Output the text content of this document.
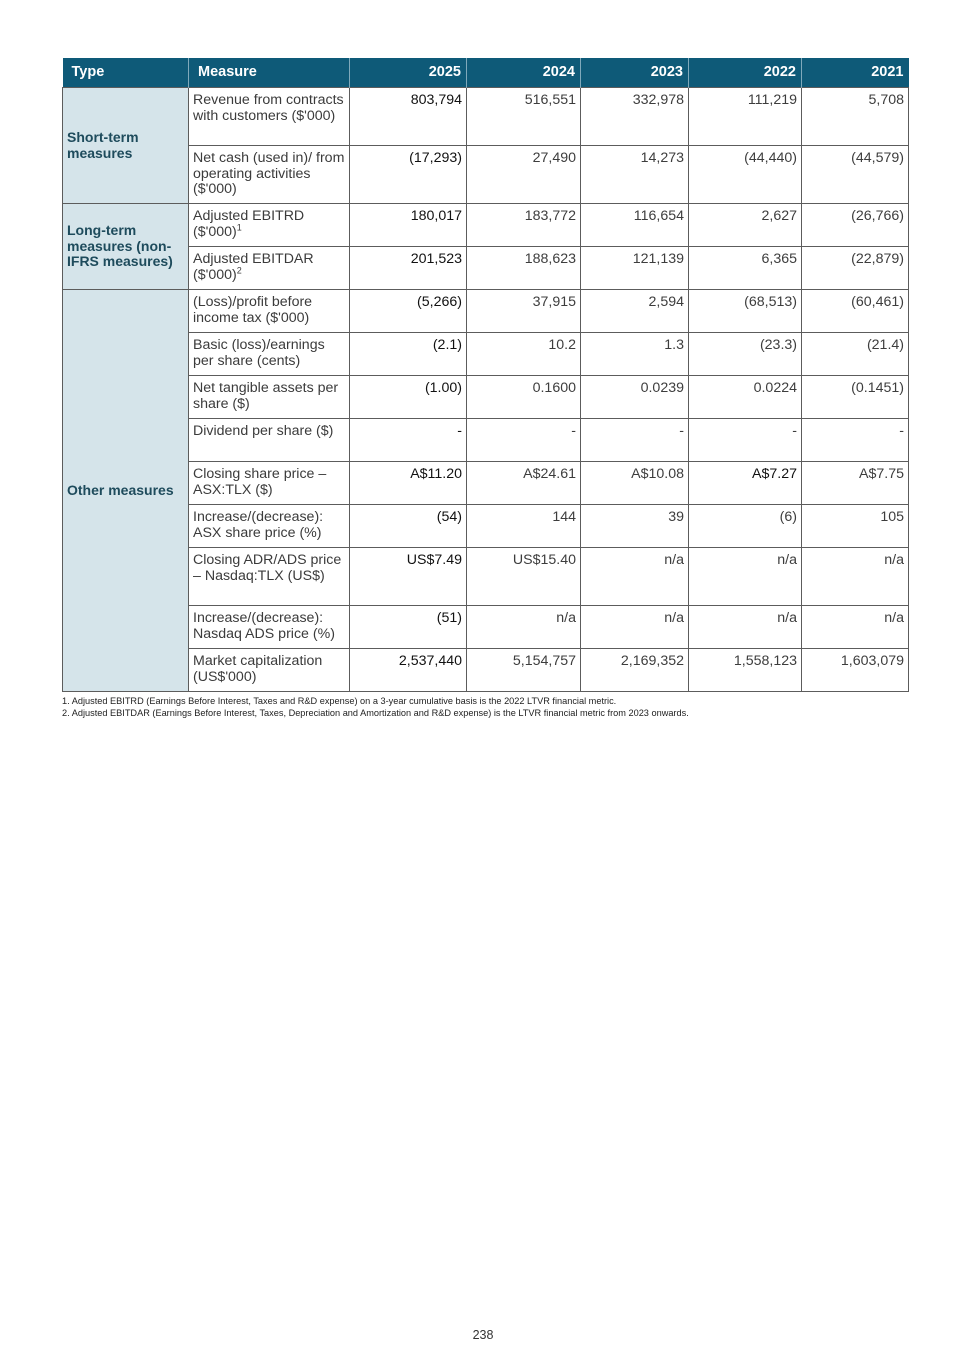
Type	Measure	2025	2024	2023	2022	2021
Short-term measures	Revenue from contracts with customers ($'000)	803,794	516,551	332,978	111,219	5,708
	Net cash (used in)/ from operating activities ($'000)	(17,293)	27,490	14,273	(44,440)	(44,579)
Long-term measures (non-IFRS measures)	Adjusted EBITRD ($'000)$^1$	180,017	183,772	116,654	2,627	(26,766)
	Adjusted EBITDAR ($'000)$^2$	201,523	188,623	121,139	6,365	(22,879)
Other measures	(Loss)/profit before income tax ($'000)	(5,266)	37,915	2,594	(68,513)	(60,461)
	Basic (loss)/earnings per share (cents)	(2.1)	10.2	1.3	(23.3)	(21.4)
	Net tangible assets per share ($)	(1.00)	0.1600	0.0239	0.0224	(0.1451)
	Dividend per share ($)	-	-	-	-	-
	Closing share price – ASX:TLX ($)	A$11.20	A$24.61	A$10.08	A$7.27	A$7.75
	Increase/(decrease): ASX share price (%)	(54)	144	39	(6)	105
	Closing ADR/ADS price – Nasdaq:TLX (US$)	US$7.49	US$15.40	n/a	n/a	n/a
	Increase/(decrease): Nasdaq ADS price (%)	(51)	n/a	n/a	n/a	n/a
	Market capitalization (US$'000)	2,537,440	5,154,757	2,169,352	1,558,123	1,603,079
1. Adjusted EBITRD (Earnings Before Interest, Taxes and R&D expense) on a 3-year cumulative basis is the 2022 LTVR financial metric.
2. Adjusted EBITDAR (Earnings Before Interest, Taxes, Depreciation and Amortization and R&D expense) is the LTVR financial metric from 2023 onwards.
238
